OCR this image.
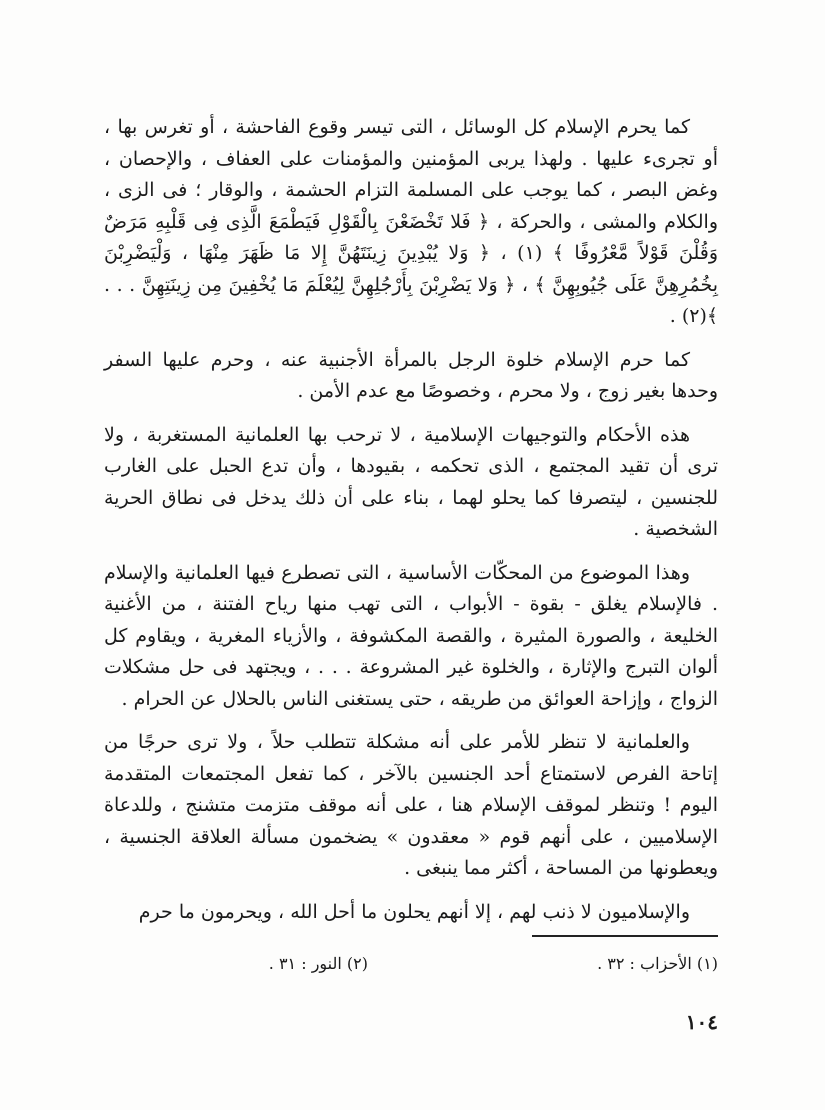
كما يحرم الإسلام كل الوسائل ، التى تيسر وقوع الفاحشة ، أو تغرس بها ، أو تجرىء عليها . ولهذا يربى المؤمنين والمؤمنات على العفاف ، والإحصان ، وغض البصر ، كما يوجب على المسلمة التزام الحشمة ، والوقار ؛ فى الزى ، والكلام والمشى ، والحركة ، ﴿ فَلا تَخْضَعْنَ بِالْقَوْلِ فَيَطْمَعَ الَّذِى فِى قَلْبِهِ مَرَضٌ وَقُلْنَ قَوْلاً مَّعْرُوفًا ﴾ (١) ، ﴿ وَلا يُبْدِينَ زِينَتَهُنَّ إِلا مَا ظَهَرَ مِنْهَا ، وَلْيَضْرِبْنَ بِخُمُرِهِنَّ عَلَى جُيُوبِهِنَّ ﴾ ، ﴿ وَلا يَضْرِبْنَ بِأَرْجُلِهِنَّ لِيُعْلَمَ مَا يُخْفِينَ مِن زِينَتِهِنَّ . . . ﴾(٢) .

كما حرم الإسلام خلوة الرجل بالمرأة الأجنبية عنه ، وحرم عليها السفر وحدها بغير زوج ، ولا محرم ، وخصوصًا مع عدم الأمن .

هذه الأحكام والتوجيهات الإسلامية ، لا ترحب بها العلمانية المستغربة ، ولا ترى أن تقيد المجتمع ، الذى تحكمه ، بقيودها ، وأن تدع الحبل على الغارب للجنسين ، ليتصرفا كما يحلو لهما ، بناء على أن ذلك يدخل فى نطاق الحرية الشخصية .

وهذا الموضوع من المحكّات الأساسية ، التى تصطرع فيها العلمانية والإسلام . فالإسلام يغلق - بقوة - الأبواب ، التى تهب منها رياح الفتنة ، من الأغنية الخليعة ، والصورة المثيرة ، والقصة المكشوفة ، والأزياء المغرية ، ويقاوم كل ألوان التبرج والإثارة ، والخلوة غير المشروعة . . . ، ويجتهد فى حل مشكلات الزواج ، وإزاحة العوائق من طريقه ، حتى يستغنى الناس بالحلال عن الحرام .

والعلمانية لا تنظر للأمر على أنه مشكلة تتطلب حلاً ، ولا ترى حرجًا من إتاحة الفرص لاستمتاع أحد الجنسين بالآخر ، كما تفعل المجتمعات المتقدمة اليوم ! وتنظر لموقف الإسلام هنا ، على أنه موقف متزمت متشنج ، وللدعاة الإسلاميين ، على أنهم قوم « معقدون » يضخمون مسألة العلاقة الجنسية ، ويعطونها من المساحة ، أكثر مما ينبغى .

والإسلاميون لا ذنب لهم ، إلا أنهم يحلون ما أحل الله ، ويحرمون ما حرم

(١) الأحزاب : ٣٢ .
(٢) النور : ٣١ .
١٠٤
